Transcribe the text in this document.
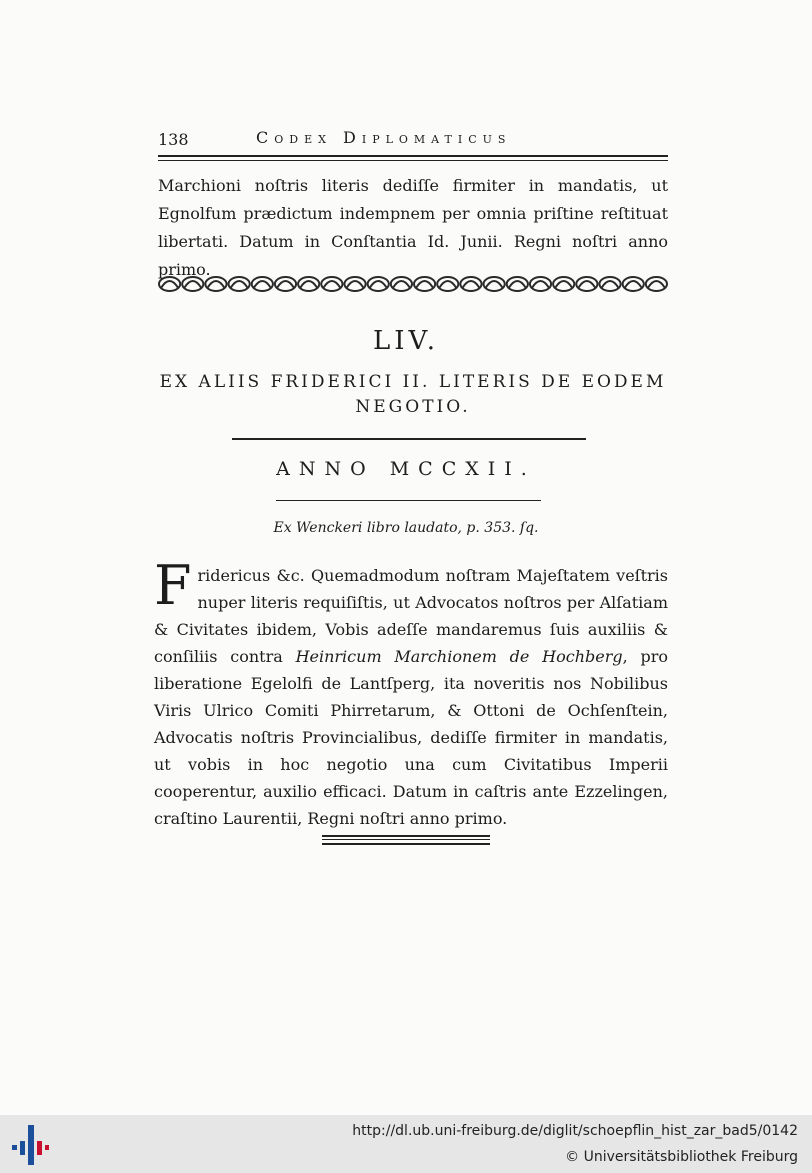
138	Codex Diplomaticus

Marchioni noſtris literis dediſſe firmiter in mandatis, ut Egnolfum prædictum indempnem per omnia priſtine reſtituat libertati. Datum in Conſtantia Id. Junii. Regni noſtri anno primo.

LIV.
EX ALIIS FRIDERICI II. LITERIS DE EODEM NEGOTIO.
ANNO MCCXII.
Ex Wenckeri libro laudato, p. 353. ſq.
Fridericus &c. Quemadmodum noſtram Majeſtatem veſtris nuper literis requiſiſtis, ut Advocatos noſtros per Alſatiam & Civitates ibidem, Vobis adeſſe mandaremus ſuis auxiliis & conſiliis contra Heinricum Marchionem de Hochberg, pro liberatione Egelolfi de Lantſperg, ita noveritis nos Nobilibus Viris Ulrico Comiti Phirretarum, & Ottoni de Ochſenſtein, Advocatis noſtris Provincialibus, dediſſe firmiter in mandatis, ut vobis in hoc negotio una cum Civitatibus Imperii cooperentur, auxilio efficaci. Datum in caſtris ante Ezzelingen, craſtino Laurentii, Regni noſtri anno primo.
http://dl.ub.uni-freiburg.de/diglit/schoepflin_hist_zar_bad5/0142
© Universitätsbibliothek Freiburg
